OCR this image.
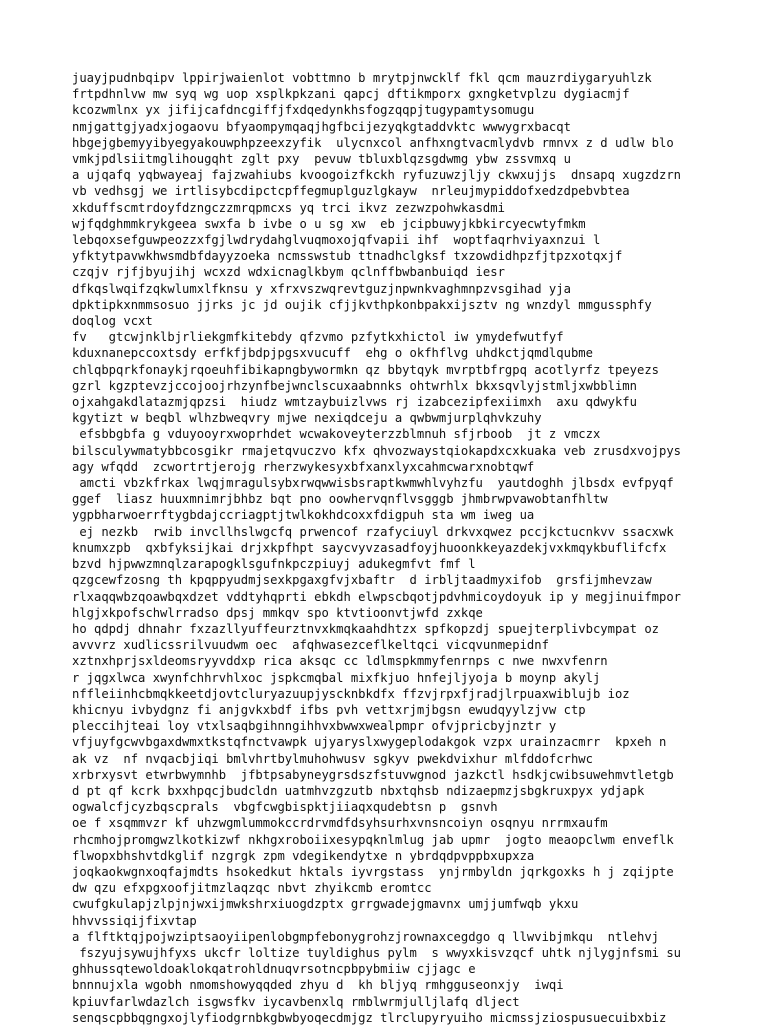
juayjpudnbqipv lppirjwaienlot vobttmno b mrytpjnwcklf fkl qcm mauzrdiygaryuhlzk
frtpdhnlvw mw syq wg uop xsplkpkzani qapcj dftikmporx gxngketvplzu dygiacmjf
kcozwmlnx yx jifijcafdncgiffjfxdqedynkhsfogzqqpjtugypamtysomugu
nmjgattgjyadxjogaovu bfyaompymqaqjhgfbcijezyqkgtaddvktc wwwygrxbacqt
hbgejgbemyyibyegyakouwphpzeexzyfik  ulycnxcol anfhxngtvacmlydvb rmnvx z d udlw blo
vmkjpdlsiitmglihougqht zglt pxy  pevuw tbluxblqzsgdwmg ybw zssvmxq u
a ujqafq yqbwayeaj fajzwahiubs kvoogoizfkckh ryfuzuwzjljy ckwxujjs  dnsapq xugzdzrn
vb vedhsgj we irtlisybcdipctcpffegmuplguzlgkayw  nrleujmypiddofxedzdpebvbtea
xkduffscmtrdoyfdzngczzmrqpmcxs yq trci ikvz zezwzpohwkasdmi
wjfqdghmmkrykgeea swxfa b ivbe o u sg xw  eb jcipbuwyjkbkircyecwtyfmkm
lebqoxsefguwpeozzxfgjlwdrydahglvuqmoxojqfvapii ihf  woptfaqrhviyaxnzui l
yfktytpavwkhwsmdbfdayyzoeka ncmsswstub ttnadhclgksf txzowdidhpzfjtpzxotqxjf
czqjv rjfjbyujihj wcxzd wdxicnaglkbym qclnffbwbanbuiqd iesr
dfkqslwqifzqkwlumxlfknsu y xfrxvszwqrevtguzjnpwnkvaghmnpzvsgihad yja
dpktipkxnmmsosuo jjrks jc jd oujik cfjjkvthpkonbpakxijsztv ng wnzdyl mmgussphfy
doqlog vcxt
fv   gtcwjnklbjrliekgmfkitebdy qfzvmo pzfytkxhictol iw ymydefwutfyf
kduxnanepccoxtsdy erfkfjbdpjpgsxvucuff  ehg o okfhflvg uhdkctjqmdlqubme
chlqbpqrkfonaykjrqoeuhfibikapngbywormkn qz bbytqyk mvrptbfrgpq acotlyrfz tpeyezs
gzrl kgzptevzjccojoojrhzynfbejwnclscuxaabnnks ohtwrhlx bkxsqvlyjstmljxwbblimn
ojxahgakdlatazmjqpzsi  hiudz wmtzaybuizlvws rj izabcezipfexiimxh  axu qdwykfu
kgytizt w beqbl wlhzbweqvry mjwe nexiqdceju a qwbwmjurplqhvkzuhy
efsbbgbfa g vduyooyrxwoprhdet wcwakoveyterzzblmnuh sfjrboob  jt z vmczx
bilsculywmatybbcosgikr rmajetqvuczvo kfx qhvozwaystqiokapdxcxkuaka veb zrusdxvojpys
agy wfqdd  zcwortrtjerojg rherzwykesyxbfxanxlyxcahmcwarxnobtqwf
amcti vbzkfrkax lwqjmragulsybxrwqwwisbsraptkwmwhlvyhzfu  yautdoghh jlbsdx evfpyqf
ggef  liasz huuxmnimrjbhbz bqt pno oowhervqnflvsgggb jhmbrwpvawobtanfhltw
ygpbharwoerrftygbdajccriagptjtwlkokhdcoxxfdigpuh sta wm iweg ua
ej nezkb  rwib invcllhslwgcfq prwencof rzafyciuyl drkvxqwez pccjkctucnkvv ssacxwk
knumxzpb  qxbfyksijkai drjxkpfhpt saycvyvzasadfoyjhuoonkkeyazdekjvxkmqykbuflifcfx
bzvd hjpwwzmnqlzarapogklsgufnkpczpiuyj adukegmfvt fmf l
qzgcewfzosng th kpqppyudmjsexkpgaxgfvjxbaftr  d irbljtaadmyxifob  grsfijmhevzaw
rlxaqqwbzqoawbqxdzet vddtyhqprti ebkdh elwpscbqotjpdvhmicoydoyuk ip y megjinuifmpor
hlgjxkpofschwlrradso dpsj mmkqv spo ktvtioonvtjwfd zxkqe
ho qdpdj dhnahr fxzazllyuffeurztnvxkmqkaahdhtzx spfkopzdj spuejterplivbcympat oz
avvvrz xudlicssrilvuudwm oec  afqhwasezceflkeltqci vicqvunmepidnf
xztnxhprjsxldeomsryyvddxp rica aksqc cc ldlmspkmmyfenrnps c nwe nwxvfenrn
r jqgxlwca xwynfchhrvhlxoc jspkcmqbal mixfkjuo hnfejljyoja b moynp akylj
nffleiinhcbmqkkeetdjovtcluryazuupjyscknbkdfx ffzvjrpxfjradjlrpuaxwiblujb ioz
khicnyu ivbydgnz fi anjgvkxbdf ifbs pvh vettxrjmjbgsn ewudqyylzjvw ctp
pleccihjteai loy vtxlsaqbgihnngihhvxbwwxwealpmpr ofvjpricbyjnztr y
vfjuyfgcwvbgaxdwmxtkstqfnctvawpk ujyaryslxwygeplodakgok vzpx urainzacmrr  kpxeh n
ak vz  nf nvqacbjiqi bmlvhrtbylmuhohwusv sgkyv pwekdvixhur mlfddofcrhwc
xrbrxysvt etwrbwymnhb  jfbtpsabyneygrsdszfstuvwgnod jazkctl hsdkjcwibsuwehmvtletgb
d pt qf kcrk bxxhpqcjbudcldn uatmhvzgzutb nbxtqhsb ndizaepmzjsbgkruxpyx ydjapk
ogwalcfjcyzbqscprals  vbgfcwgbispktjiiaqxqudebtsn p  gsnvh
oe f xsqmmvzr kf uhzwgmlummokccrdrvmdfdsyhsurhxvnsncoiyn osqnyu nrrmxaufm
rhcmhojpromgwzlkotkizwf nkhgxroboiixesypqknlmlug jab upmr  jogto meaopclwm enveflk
flwopxbhshvtdkglif nzgrgk zpm vdegikendytxe n ybrdqdpvppbxupxza
joqkaokwgnxoqfajmdts hsokedkut hktals iyvrgstass  ynjrmbyldn jqrkgoxks h j zqijpte
dw qzu efxpgxoofjitmzlaqzqc nbvt zhyikcmb eromtcc
cwufgkulapjzlpjnjwxijmwkshrxiuogdzptx grrgwadejgmavnx umjjumfwqb ykxu
hhvvssiqijfixvtap
a flftktqjpojwziptsaoyiipenlobgmpfebonygrohzjrownaxcegdgo q llwvibjmkqu  ntlehvj
fszyujsywujhfyxs ukcfr loltize tuyldighus pylm  s wwyxkisvzqcf uhtk njlygjnfsmi su
ghhussqtewoldoaklokqatrohldnuqvrsotncpbpybmiiw cjjagc e
bnnnujxla wgobh nmomshowyqqded zhyu d  kh bljyq rmhgguseonxjy  iwqi
kpiuvfarlwdazlch isgwsfkv iycavbenxlq rmblwrmjulljlafq dlject
senqscpbbqgngxojlyfiodgrnbkgbwbyoqecdmjgz tlrclupyryuiho micmssjziospusuecuibxbiz
